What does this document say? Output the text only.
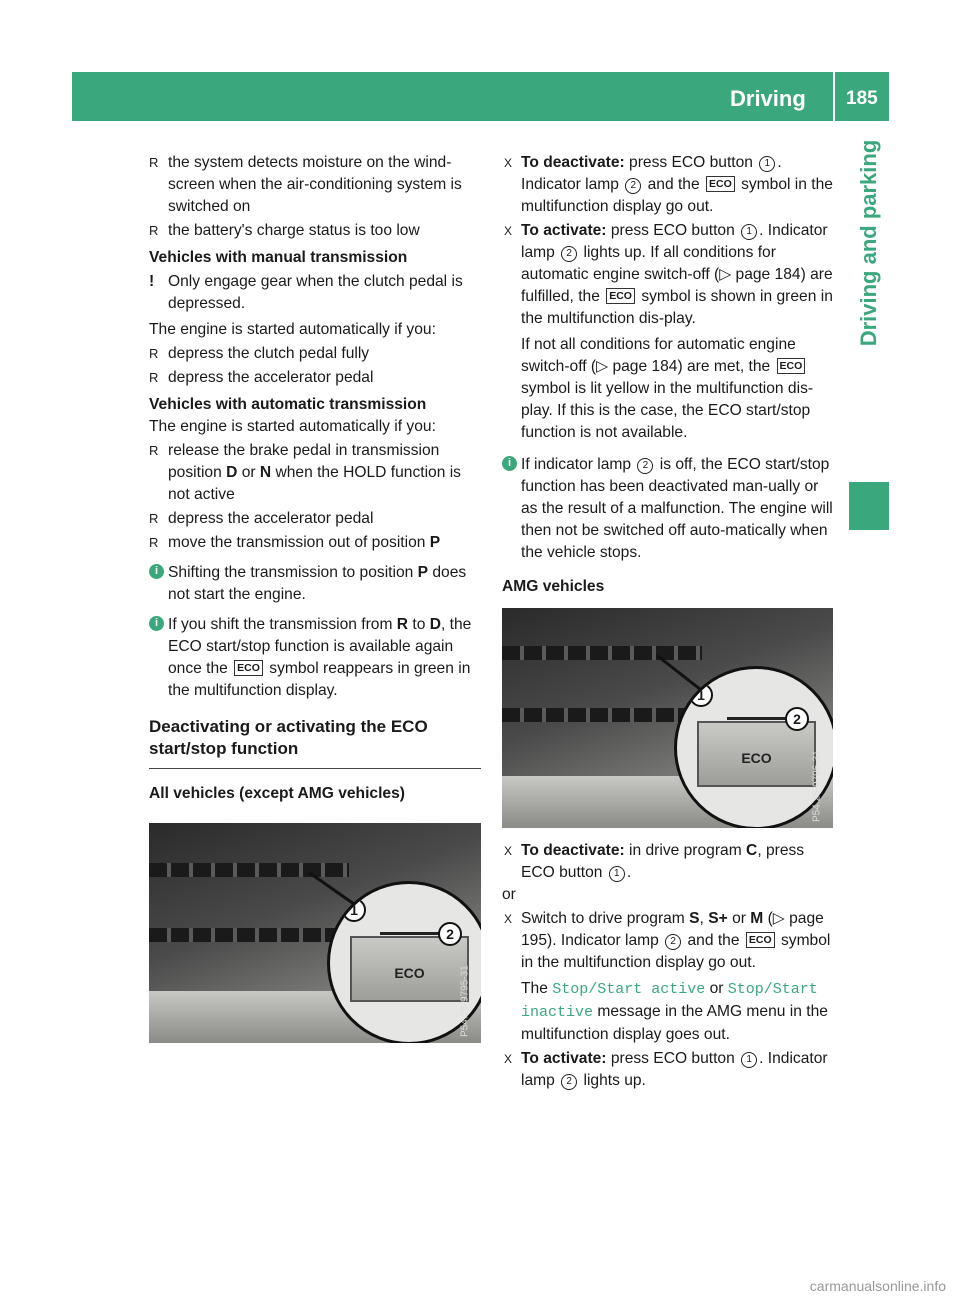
Driving 185
Driving and parking

R the system detects moisture on the wind-screen when the air-conditioning system is switched on

R the battery's charge status is too low

Vehicles with manual transmission

! Only engage gear when the clutch pedal is depressed.

The engine is started automatically if you:

R depress the clutch pedal fully

R depress the accelerator pedal

Vehicles with automatic transmission

The engine is started automatically if you:

R release the brake pedal in transmission position D or N when the HOLD function is not active

R depress the accelerator pedal

R move the transmission out of position P

i Shifting the transmission to position P does not start the engine.

i If you shift the transmission from R to D, the ECO start/stop function is available again once the ECO symbol reappears in green in the multifunction display.

Deactivating or activating the ECO start/stop function

All vehicles (except AMG vehicles)

ECO
1
2
P54.25-9795-31

X To deactivate: press ECO button 1 . Indicator lamp 2 and the ECO symbol in the multifunction display go out.

X To activate: press ECO button 1 . Indicator lamp 2 lights up. If all conditions for automatic engine switch-off (▷ page 184) are fulfilled, the ECO symbol is shown in green in the multifunction dis-play.

If not all conditions for automatic engine switch-off (▷ page 184) are met, the ECO symbol is lit yellow in the multifunction dis-play. If this is the case, the ECO start/stop function is not available.

i If indicator lamp 2 is off, the ECO start/stop function has been deactivated man-ually or as the result of a malfunction. The engine will then not be switched off auto-matically when the vehicle stops.

AMG vehicles

ECO
1
2
P54.25-9796-31

X To deactivate: in drive program C, press ECO button 1 .

or

X Switch to drive program S, S+ or M (▷ page 195). Indicator lamp 2 and the ECO symbol in the multifunction display go out.

The Stop/Start active or Stop/Start inactive message in the AMG menu in the multifunction display goes out.

X To activate: press ECO button 1 . Indicator lamp 2 lights up.

carmanualsonline.info
